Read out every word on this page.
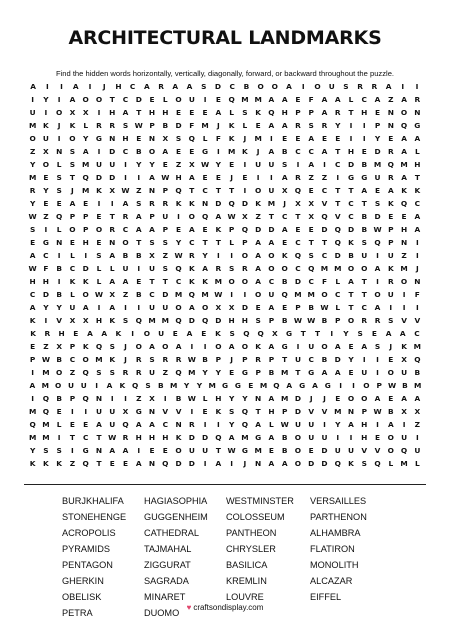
ARCHITECTURAL LANDMARKS
Find the hidden words horizontally, vertically, diagonally, forward, or backward throughout the puzzle.
A	I	I	A	I	J	H	C	A	R	A	A	S	D	C	B	O	O	A	I	O	U	S	R	R	A	I	I
I	Y	I	A O O	T	C	D	E	L	O U	I	E	Q M M A	A	E	F	A	A	L	C	A	Z	A	R
U	I	O X	X	I	H A	T	H H	E	E	E	A	L	S	K Q H	P	P	A	R	T	H	E	N O N
M K	J	K	L	R	R	S W P	B D	F M	J	K	L	E	A	A	R	S	R	Y	I	I	P	N Q G
O U	I	O	Y	G N H	E	N X	S	Q	L	F	K	J	M	I	E	E	A	E	E	I	I	Y	E	A	A
Z	X N	S	A	I	D	C	B O A	E	E	G	I	M K	J	A	B	C	C	A	T	H	E	D R	A	L
Y	O	L	S M U U	I	Y	Y	E	Z	X W Y	E	I	U U	S	I	A	I	C	D B M Q M H
M E	S	T	Q D D	I	I	A W H A	E	E	J	E	I	I	A	R	Z	Z	I	G G U	R	A	T
R	Y	S	J	M K	X W Z	N	P	Q	T	C	T	T	I	O U	X Q	E	C	T	T	A	E	A	K	K
Y	E	E	A	E	I	I	A	S	R	R	K	K N D Q D K M	J	X	X	V	T	C	T	S	K Q C
W Z	Q	P	P	E	T	R	A	P	U	I	O Q A W X	Z	T	C	T	X Q V	C	B D	E	E	A
S	I	L	O	P	O R	C	A	A	P	E	A	E	K	P	Q D D A	E	E	D Q D B W P	H A
E	G N	E	H	E	N O	T	S	S	Y	C	T	T	L	P	A	A	E	C	T	T	Q K	S	Q	P	N	I
A	C	I	L	I	S	A	B	B	X	Z W R	Y	I	I	O A O K Q	S	C	D B	U	I	U	Z	I
W F	B	C	D	L	L	U	I	U	S	Q K	A	R	S	R	A O O C	Q M M O O A	K M	J
H H	I	K	K	L	A	A	E	T	T	C	K	K M O O A	C	B D	C	F	L	A	T	I	R O N
C	D B	L	O W X	Z	B	C	D M Q M W	I	I	O U Q M M O C	T	T	O U	I	F
A	Y	Y	U A	I	A	I	I	U U O A O X	X D	E	A	E	P	B W L	T	C	A	I	I	I
K	I	V	X	X H K	S	Q M M Q D Q D H H	S	P	B W W B	P	O R	R	S	V	V
K	R	H	E	A	A	K	I	O	U	E	A	E	K	S	Q	Q	X	G	T	T	I	Y	S	E	A	A	C
E	Z	X	P	K Q	S	J	O A O A	I	I	O A O K	A G	I	U O A	E	A	S	J	K M
P W B	C	O M K	J	R	S	R	R W B	P	J	P	R	P	T	U	C	B D	Y	I	I	E	X Q
I	M O	Z	Q	S	S	R	R	U	Z	Q M Y	Y	E	G	P	B M T	G A	A	E	U	I	O U	B
A M O U U	I	A K Q S B M Y	Y M G G E M Q A G A G	I	I	O P W B M
I	Q B	P	Q N	I	I	Z	X	I	B W L	H	Y	Y	N A M D	J	J	E	O O A	E	A	A
M Q	E	I	I	U U	X G N V	V	I	E	K	S	Q	T	H	P	D V	V M N	P W B	X	X
Q M L	E	E	A U Q A	A	C	N R	I	I	Y	Q A	L W U U	I	Y	A H	I	A	I	Z
M M	I	T	C	T W R H H H K D D Q A M G A	B O U U	I	I	H	E	O U	I
Y	S	S	I	G N A	A	I	E	E	O U U	T W G M E	B O	E	D U U V	V O Q U
K	K	K	Z	Q	T	E	E	A N Q D D	I	A	I	J	N A	A O D D Q K	S	Q	L M L
BURJKHALIFA	HAGIASOPHIA	WESTMINSTER	VERSAILLES
STONEHENGE	GUGGENHEIM	COLOSSEUM	PARTHENON
ACROPOLIS	CATHEDRAL	PANTHEON	ALHAMBRA
PYRAMIDS	TAJMAHAL	CHRYSLER	FLATIRON
PENTAGON	ZIGGURAT	BASILICA	MONOLITH
GHERKIN	SAGRADA	KREMLIN	ALCAZAR
OBELISK	MINARET	LOUVRE	EIFFEL
PETRA	DUOMO
♥ craftsondisplay.com
